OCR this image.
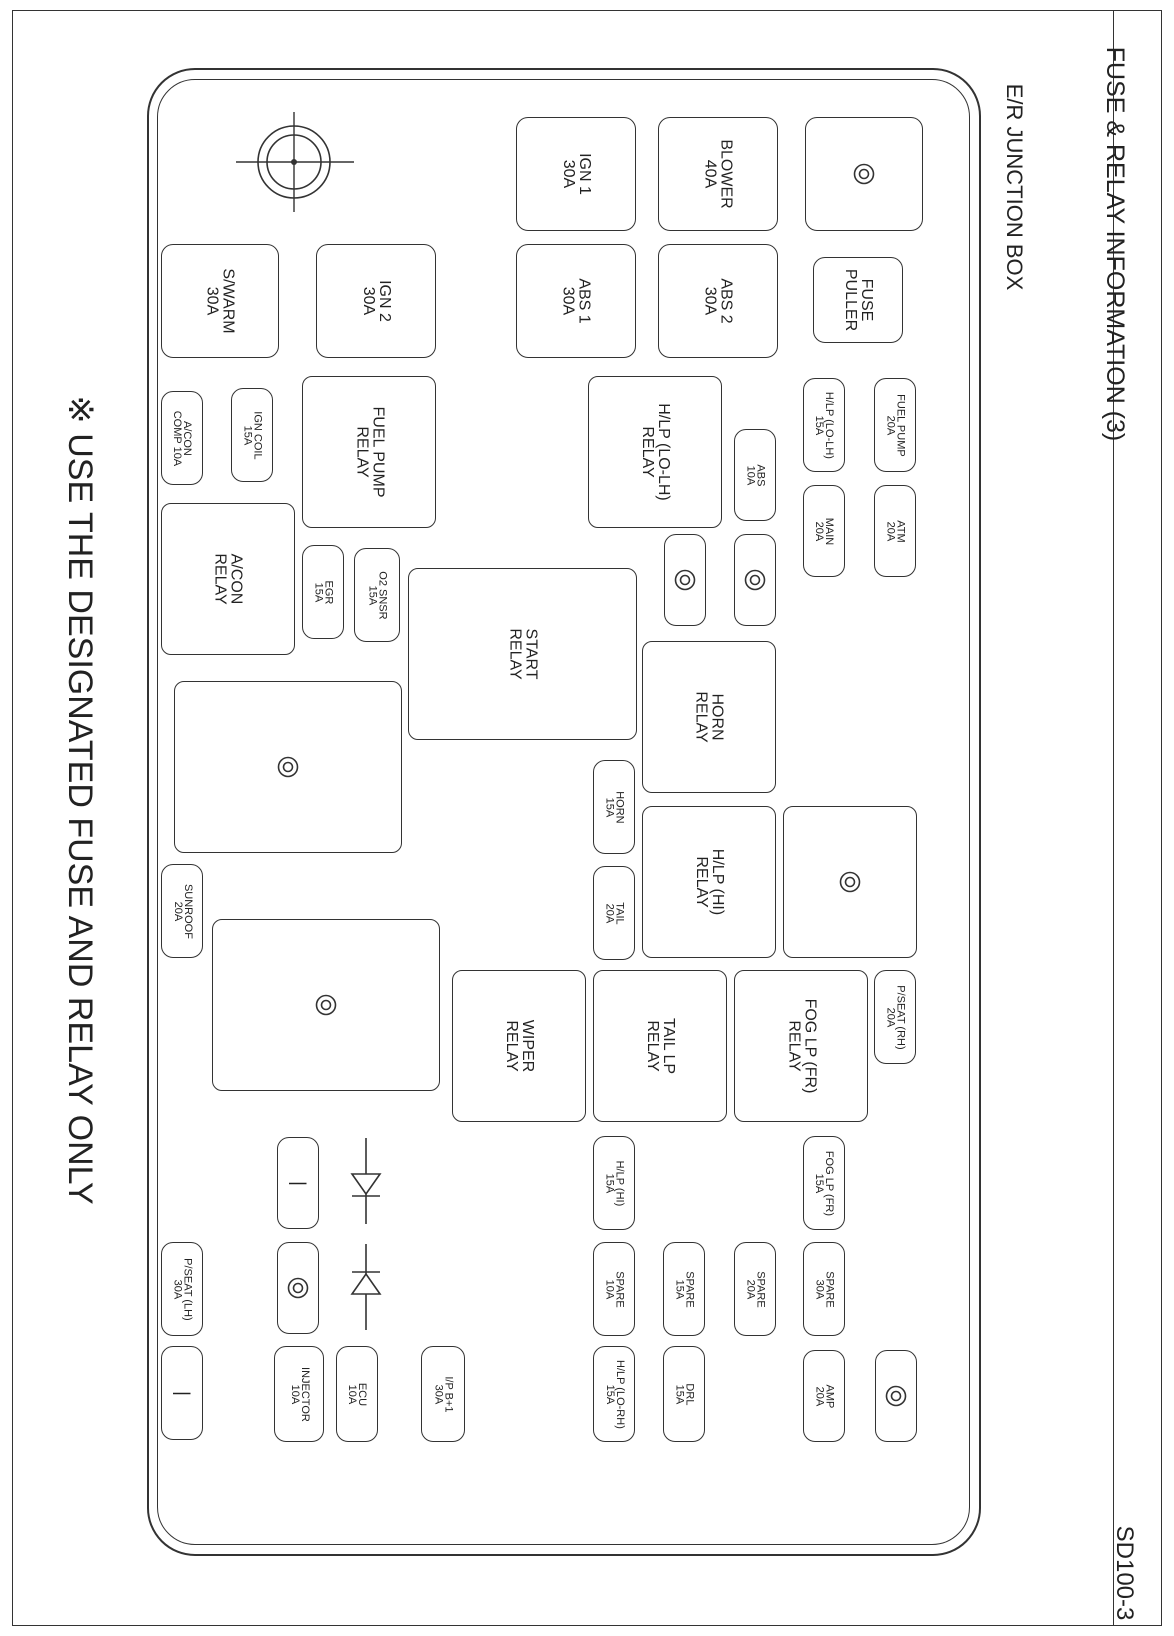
FUSE & RELAY INFORMATION (3)
SD100-3
E/R JUNCTION BOX
※ USE THE DESIGNATED FUSE AND RELAY ONLY
IGN 1
30A	BLOWER
40A
ABS 1
30A	ABS 2
30A
S/WARM
30A	IGN 2
30A	FUSE
PULLER
FUEL PUMP
RELAY
H/LP (LO-LH)
RELAY
A/CON
RELAY
START
RELAY
HORN
RELAY
H/LP (HI)
RELAY
WIPER
RELAY	TAIL LP
RELAY
FOG LP (FR)
RELAY
|
|
FUEL PUMP
20A
H/LP (LO-LH)
15A
ATM
20A
MAIN
20A
ABS
10A
A/CON
COMP 10A
IGN COIL
15A
EGR
15A
O2 SNSR
15A
HORN
15A
TAIL
20A
SUNROOF
20A
P/SEAT (RH)
20A
H/LP (HI)
15A
FOG LP (FR)
15A
SPARE
10A	SPARE
15A	SPARE
20A	SPARE
30A
P/SEAT (LH)
30A
INJECTOR
10A	ECU
10A
I/P B+1
30A
H/LP (LO-RH)
15A	DRL
15A	AMP
20A
